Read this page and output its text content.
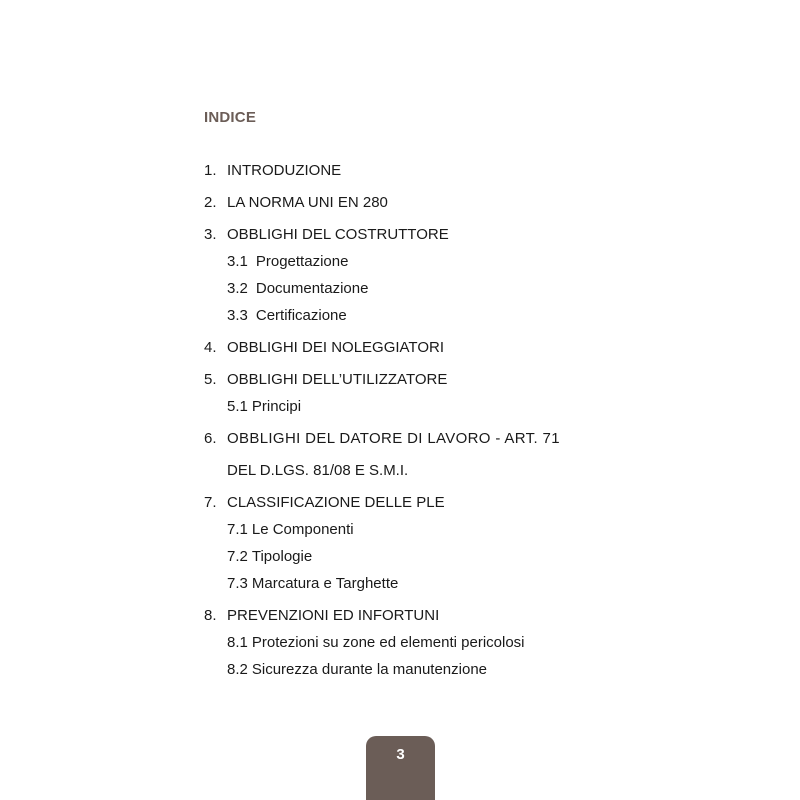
INDICE
1. INTRODUZIONE
2. LA NORMA UNI EN 280
3. OBBLIGHI DEL COSTRUTTORE
3.1 Progettazione
3.2 Documentazione
3.3 Certificazione
4. OBBLIGHI DEI NOLEGGIATORI
5. OBBLIGHI DELL’UTILIZZATORE
5.1 Principi
6. OBBLIGHI DEL DATORE DI LAVORO - ART. 71
DEL D.LGS. 81/08 E S.M.I.
7. CLASSIFICAZIONE DELLE PLE
7.1 Le Componenti
7.2 Tipologie
7.3 Marcatura e Targhette
8. PREVENZIONI ED INFORTUNI
8.1 Protezioni su zone ed elementi pericolosi
8.2 Sicurezza durante la manutenzione
3
